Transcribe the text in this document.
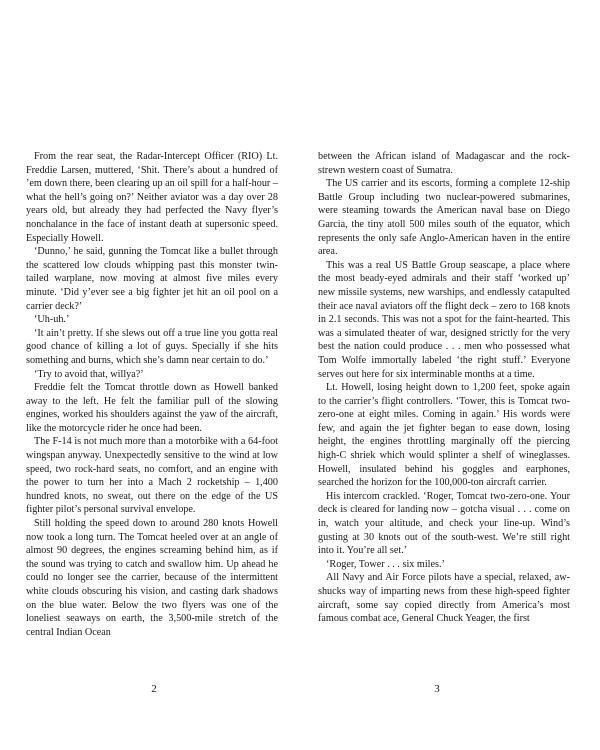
From the rear seat, the Radar-Intercept Officer (RIO) Lt. Freddie Larsen, muttered, ‘Shit. There’s about a hundred of ’em down there, been clearing up an oil spill for a half-hour – what the hell’s going on?’ Neither aviator was a day over 28 years old, but already they had perfected the Navy flyer’s nonchalance in the face of instant death at supersonic speed. Especially Howell.

‘Dunno,’ he said, gunning the Tomcat like a bullet through the scattered low clouds whipping past this monster twin-tailed warplane, now moving at almost five miles every minute. ‘Did y’ever see a big fighter jet hit an oil pool on a carrier deck?’

‘Uh-uh.’

‘It ain’t pretty. If she slews out off a true line you gotta real good chance of killing a lot of guys. Specially if she hits something and burns, which she’s damn near certain to do.’

‘Try to avoid that, willya?’

Freddie felt the Tomcat throttle down as Howell banked away to the left. He felt the familiar pull of the slowing engines, worked his shoulders against the yaw of the aircraft, like the motorcycle rider he once had been.

The F-14 is not much more than a motorbike with a 64-foot wingspan anyway. Unexpectedly sensitive to the wind at low speed, two rock-hard seats, no comfort, and an engine with the power to turn her into a Mach 2 rocketship – 1,400 hundred knots, no sweat, out there on the edge of the US fighter pilot’s personal survival envelope.

Still holding the speed down to around 280 knots Howell now took a long turn. The Tomcat heeled over at an angle of almost 90 degrees, the engines screaming behind him, as if the sound was trying to catch and swallow him. Up ahead he could no longer see the carrier, because of the intermittent white clouds obscuring his vision, and casting dark shadows on the blue water. Below the two flyers was one of the loneliest seaways on earth, the 3,500-mile stretch of the central Indian Ocean

2

between the African island of Madagascar and the rock-strewn western coast of Sumatra.

The US carrier and its escorts, forming a complete 12-ship Battle Group including two nuclear-powered submarines, were steaming towards the American naval base on Diego Garcia, the tiny atoll 500 miles south of the equator, which represents the only safe Anglo-American haven in the entire area.

This was a real US Battle Group seascape, a place where the most beady-eyed admirals and their staff ‘worked up’ new missile systems, new warships, and endlessly catapulted their ace naval aviators off the flight deck – zero to 168 knots in 2.1 seconds. This was not a spot for the faint-hearted. This was a simulated theater of war, designed strictly for the very best the nation could produce . . . men who possessed what Tom Wolfe immortally labeled ‘the right stuff.’ Everyone serves out here for six interminable months at a time.

Lt. Howell, losing height down to 1,200 feet, spoke again to the carrier’s flight controllers. ‘Tower, this is Tomcat two-zero-one at eight miles. Coming in again.’ His words were few, and again the jet fighter began to ease down, losing height, the engines throttling marginally off the piercing high-C shriek which would splinter a shelf of wineglasses. Howell, insulated behind his goggles and earphones, searched the horizon for the 100,000-ton aircraft carrier.

His intercom crackled. ‘Roger, Tomcat two-zero-one. Your deck is cleared for landing now – gotcha visual . . . come on in, watch your altitude, and check your line-up. Wind’s gusting at 30 knots out of the south-west. We’re still right into it. You’re all set.’

‘Roger, Tower . . . six miles.’

All Navy and Air Force pilots have a special, relaxed, aw-shucks way of imparting news from these high-speed fighter aircraft, some say copied directly from America’s most famous combat ace, General Chuck Yeager, the first

3
